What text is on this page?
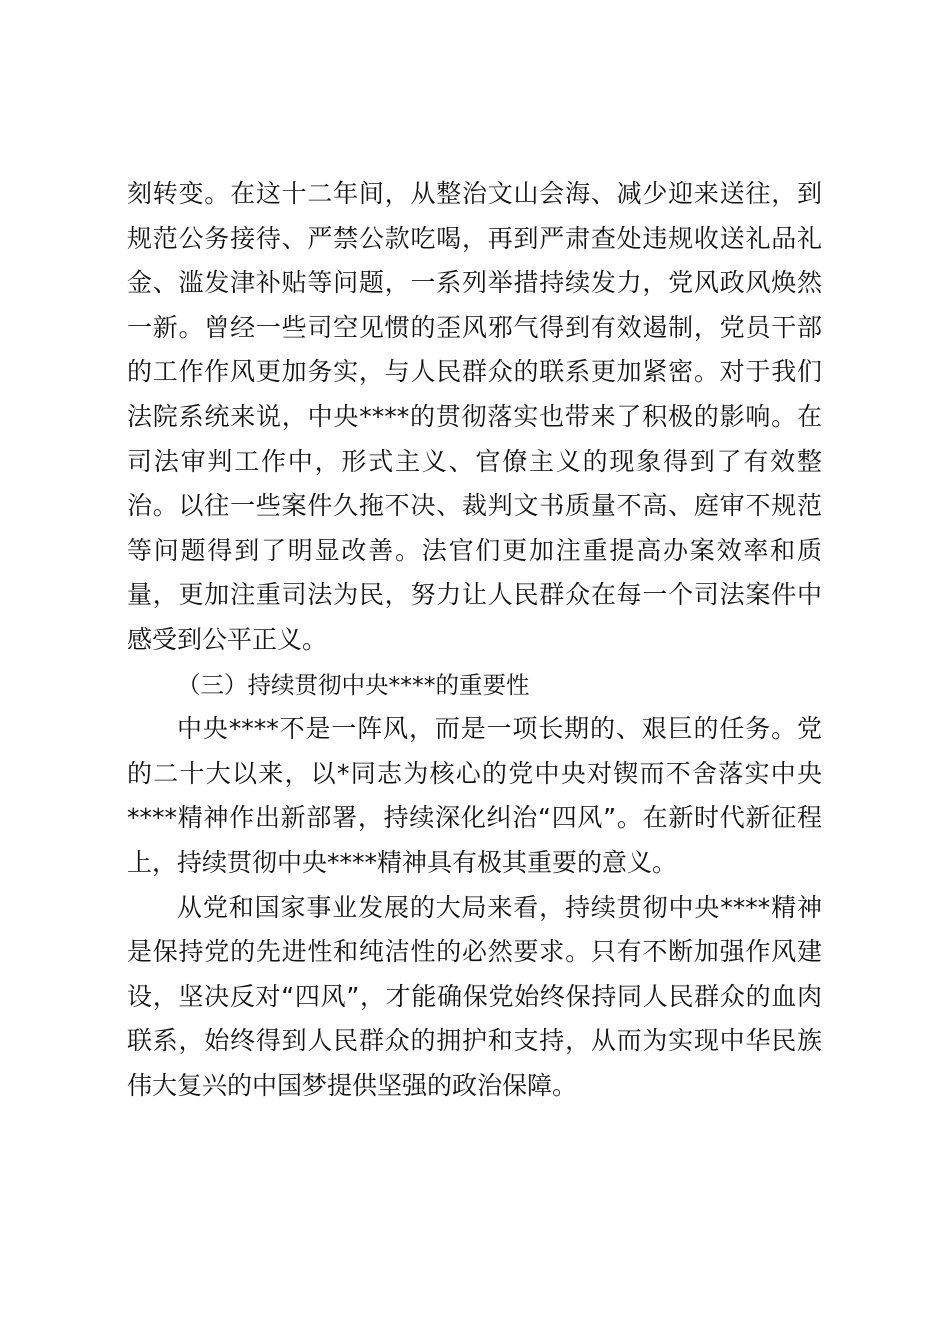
刻转变。在这十二年间，从整治文山会海、减少迎来送往，到规范公务接待、严禁公款吃喝，再到严肃查处违规收送礼品礼金、滥发津补贴等问题，一系列举措持续发力，党风政风焕然一新。曾经一些司空见惯的歪风邪气得到有效遏制，党员干部的工作作风更加务实，与人民群众的联系更加紧密。对于我们法院系统来说，中央****的贯彻落实也带来了积极的影响。在司法审判工作中，形式主义、官僚主义的现象得到了有效整治。以往一些案件久拖不决、裁判文书质量不高、庭审不规范等问题得到了明显改善。法官们更加注重提高办案效率和质量，更加注重司法为民，努力让人民群众在每一个司法案件中感受到公平正义。

（三）持续贯彻中央****的重要性

中央****不是一阵风，而是一项长期的、艰巨的任务。党的二十大以来，以*同志为核心的党中央对锲而不舍落实中央****精神作出新部署，持续深化纠治“四风”。在新时代新征程上，持续贯彻中央****精神具有极其重要的意义。

从党和国家事业发展的大局来看，持续贯彻中央****精神是保持党的先进性和纯洁性的必然要求。只有不断加强作风建设，坚决反对“四风”，才能确保党始终保持同人民群众的血肉联系，始终得到人民群众的拥护和支持，从而为实现中华民族伟大复兴的中国梦提供坚强的政治保障。
